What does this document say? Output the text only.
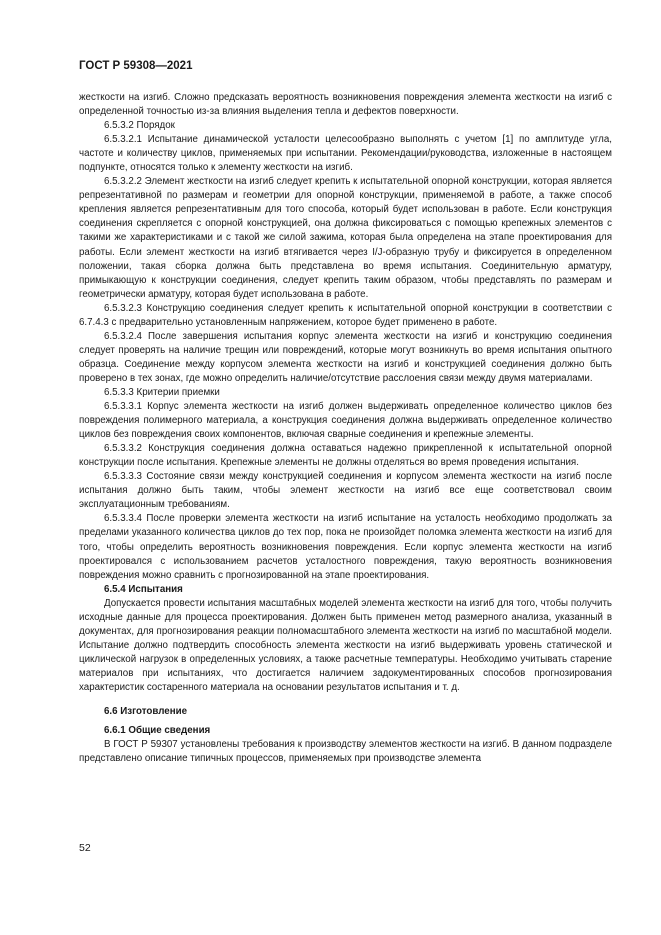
ГОСТ Р 59308—2021

жесткости на изгиб. Сложно предсказать вероятность возникновения повреждения элемента жесткости на изгиб с определенной точностью из-за влияния выделения тепла и дефектов поверхности.

6.5.3.2 Порядок

6.5.3.2.1 Испытание динамической усталости целесообразно выполнять с учетом [1] по амплитуде угла, частоте и количеству циклов, применяемых при испытании. Рекомендации/руководства, изложенные в настоящем подпункте, относятся только к элементу жесткости на изгиб.

6.5.3.2.2 Элемент жесткости на изгиб следует крепить к испытательной опорной конструкции, которая является репрезентативной по размерам и геометрии для опорной конструкции, применяемой в работе, а также способ крепления является репрезентативным для того способа, который будет использован в работе. Если конструкция соединения скрепляется с опорной конструкцией, она должна фиксироваться с помощью крепежных элементов с такими же характеристиками и с такой же силой зажима, которая была определена на этапе проектирования для работы. Если элемент жесткости на изгиб втягивается через I/J-образную трубу и фиксируется в определенном положении, такая сборка должна быть представлена во время испытания. Соединительную арматуру, примыкающую к конструкции соединения, следует крепить таким образом, чтобы представлять по размерам и геометрически арматуру, которая будет использована в работе.

6.5.3.2.3 Конструкцию соединения следует крепить к испытательной опорной конструкции в соответствии с 6.7.4.3 с предварительно установленным напряжением, которое будет применено в работе.

6.5.3.2.4 После завершения испытания корпус элемента жесткости на изгиб и конструкцию соединения следует проверять на наличие трещин или повреждений, которые могут возникнуть во время испытания опытного образца. Соединение между корпусом элемента жесткости на изгиб и конструкцией соединения должно быть проверено в тех зонах, где можно определить наличие/отсутствие расслоения связи между двумя материалами.

6.5.3.3 Критерии приемки

6.5.3.3.1 Корпус элемента жесткости на изгиб должен выдерживать определенное количество циклов без повреждения полимерного материала, а конструкция соединения должна выдерживать определенное количество циклов без повреждения своих компонентов, включая сварные соединения и крепежные элементы.

6.5.3.3.2 Конструкция соединения должна оставаться надежно прикрепленной к испытательной опорной конструкции после испытания. Крепежные элементы не должны отделяться во время проведения испытания.

6.5.3.3.3 Состояние связи между конструкцией соединения и корпусом элемента жесткости на изгиб после испытания должно быть таким, чтобы элемент жесткости на изгиб все еще соответствовал своим эксплуатационным требованиям.

6.5.3.3.4 После проверки элемента жесткости на изгиб испытание на усталость необходимо продолжать за пределами указанного количества циклов до тех пор, пока не произойдет поломка элемента жесткости на изгиб для того, чтобы определить вероятность возникновения повреждения. Если корпус элемента жесткости на изгиб проектировался с использованием расчетов усталостного повреждения, такую вероятность возникновения повреждения можно сравнить с прогнозированной на этапе проектирования.

6.5.4 Испытания

Допускается провести испытания масштабных моделей элемента жесткости на изгиб для того, чтобы получить исходные данные для процесса проектирования. Должен быть применен метод размерного анализа, указанный в документах, для прогнозирования реакции полномасштабного элемента жесткости на изгиб по масштабной модели. Испытание должно подтвердить способность элемента жесткости на изгиб выдерживать уровень статической и циклической нагрузок в определенных условиях, а также расчетные температуры. Необходимо учитывать старение материалов при испытаниях, что достигается наличием задокументированных способов прогнозирования характеристик состаренного материала на основании результатов испытания и т. д.

6.6 Изготовление

6.6.1 Общие сведения

В ГОСТ Р 59307 установлены требования к производству элементов жесткости на изгиб. В данном подразделе представлено описание типичных процессов, применяемых при производстве элемента

52
